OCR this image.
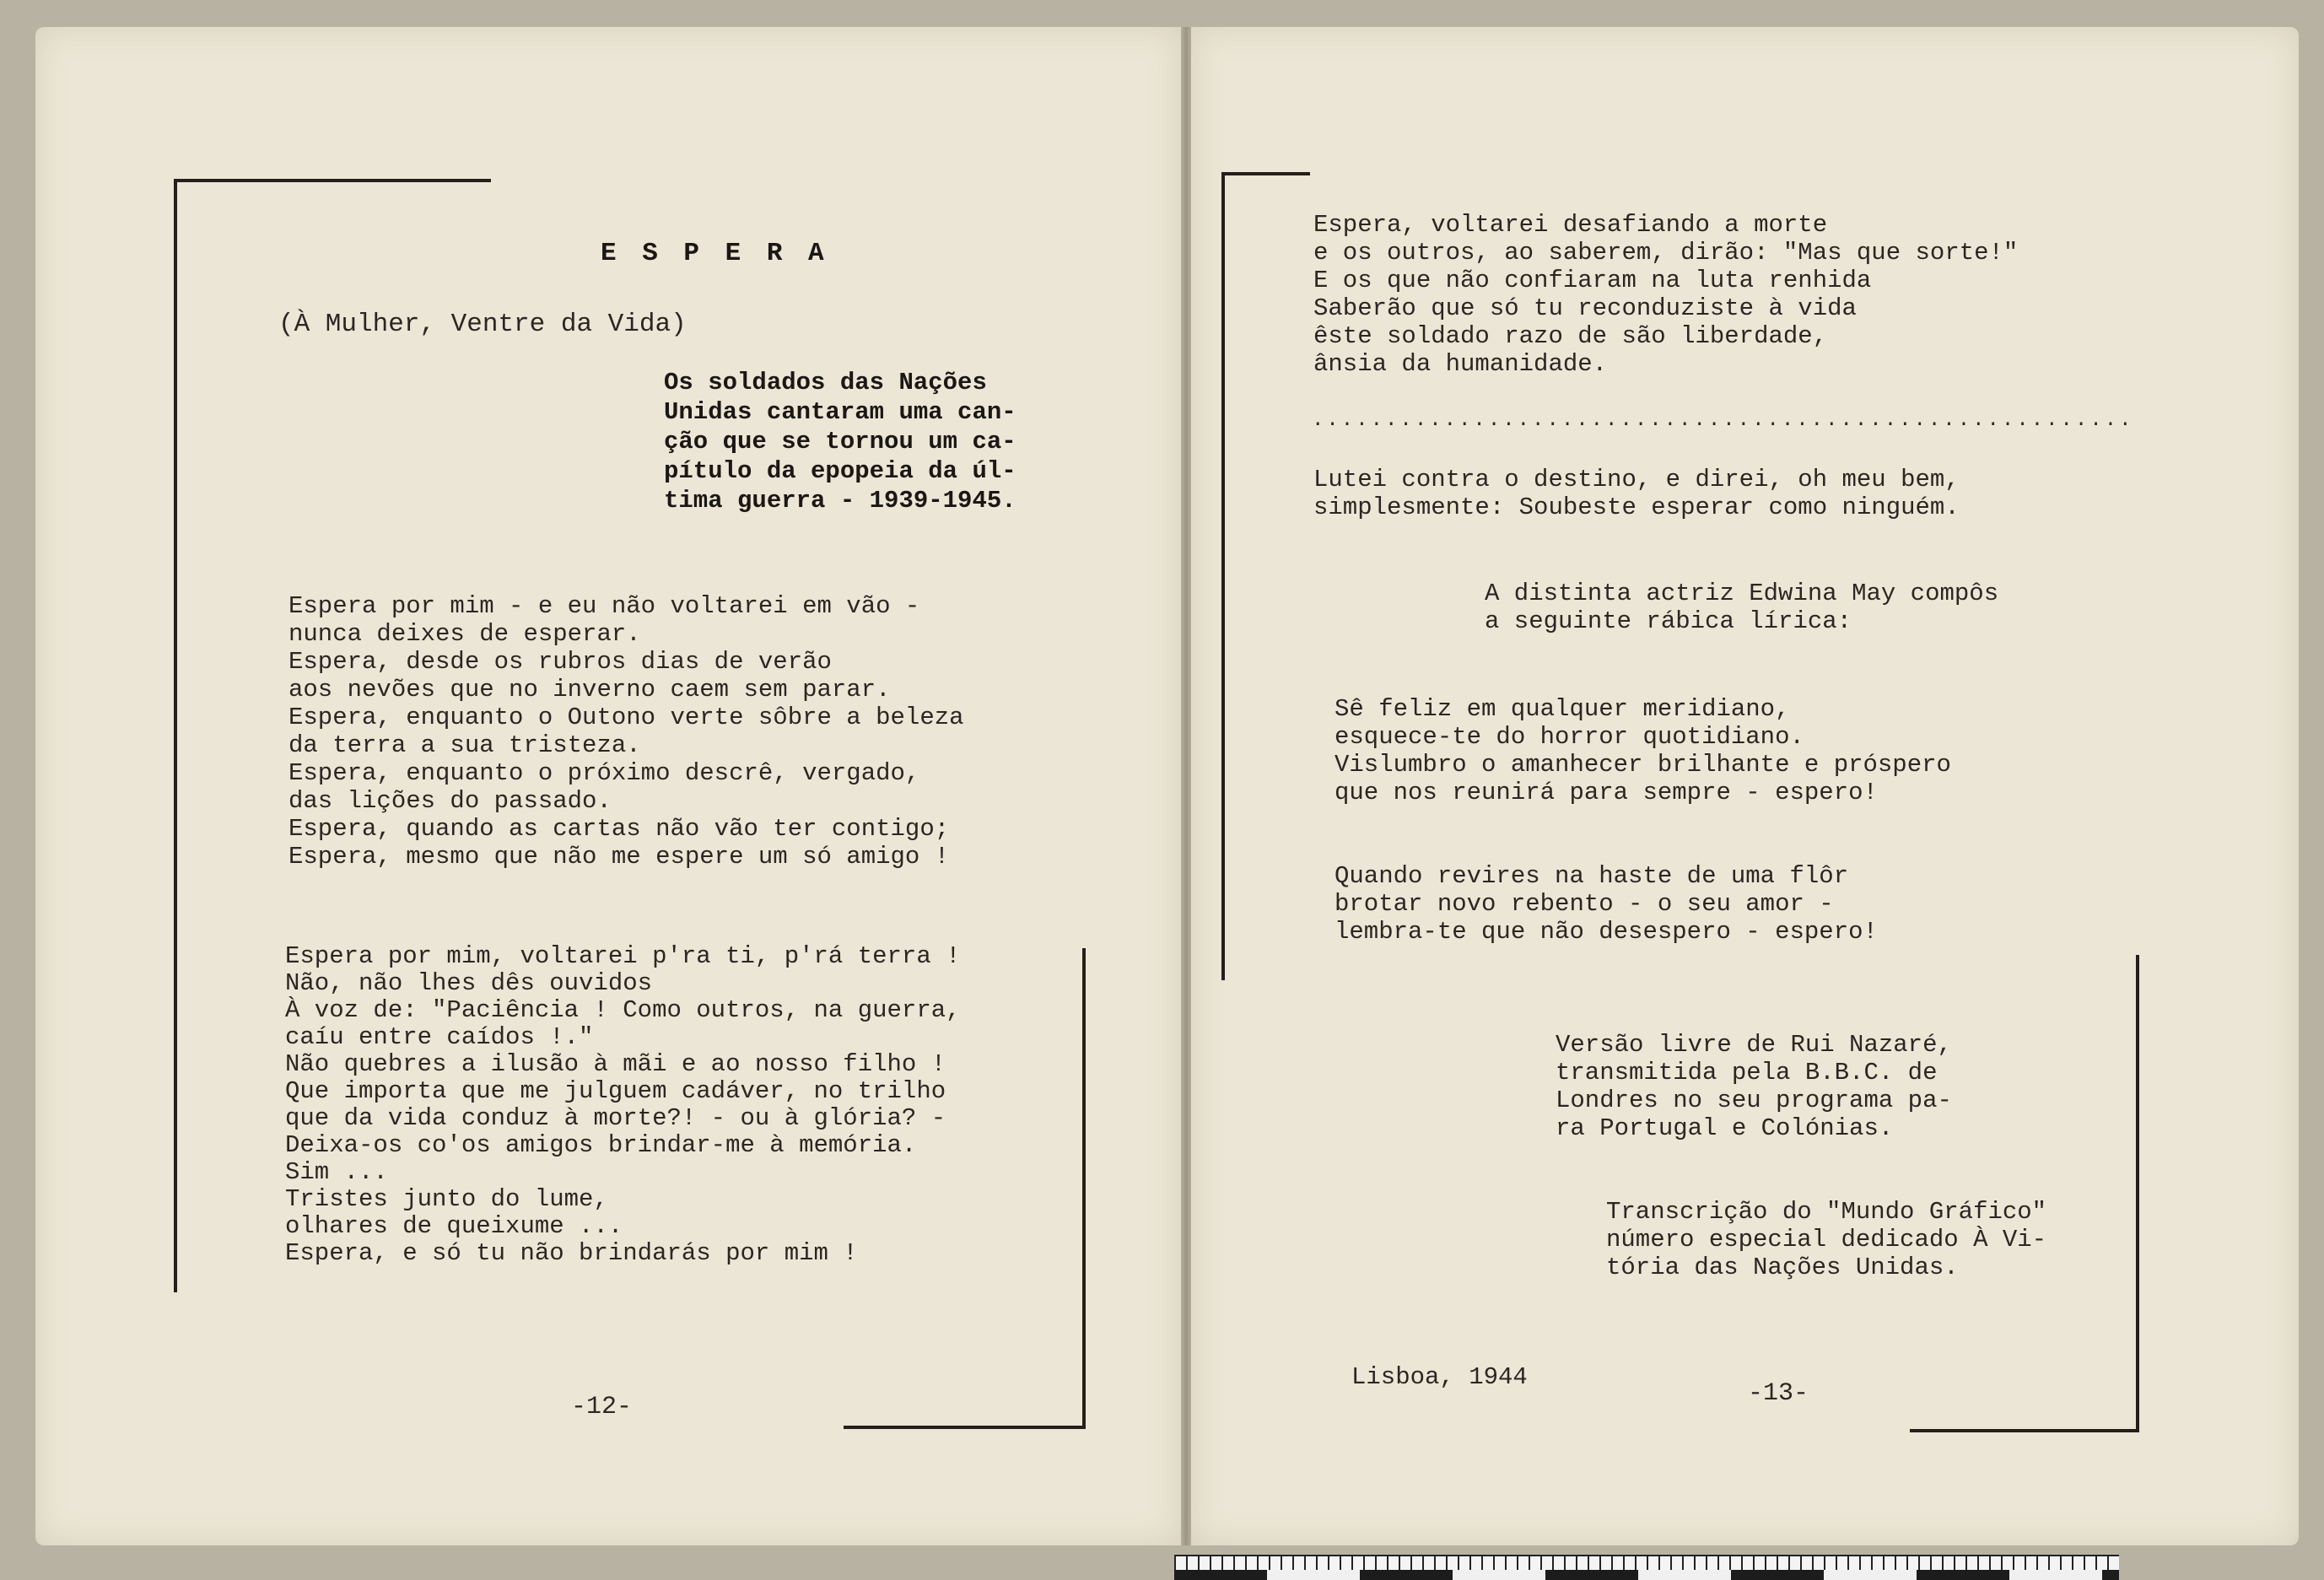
E S P E R A

(À Mulher, Ventre da Vida)

Os soldados das Nações

Unidas cantaram uma can-

ção que se tornou um ca-

pítulo da epopeia da úl-

tima guerra - 1939-1945.

Espera por mim - e eu não voltarei em vão -

nunca deixes de esperar.

Espera, desde os rubros dias de verão

aos nevões que no inverno caem sem parar.

Espera, enquanto o Outono verte sôbre a beleza

da terra a sua tristeza.

Espera, enquanto o próximo descrê, vergado,

das lições do passado.

Espera, quando as cartas não vão ter contigo;

Espera, mesmo que não me espere um só amigo !

Espera por mim, voltarei p'ra ti, p'rá terra !

Não, não lhes dês ouvidos

À voz de: "Paciência ! Como outros, na guerra,

caíu entre caídos !."

Não quebres a ilusão à mãi e ao nosso filho !

Que importa que me julguem cadáver, no trilho

que da vida conduz à morte?! - ou à glória? -

Deixa-os co'os amigos brindar-me à memória.

Sim ...

Tristes junto do lume,

olhares de queixume ...

Espera, e só tu não brindarás por mim !

-12-

Espera, voltarei desafiando a morte

e os outros, ao saberem, dirão: "Mas que sorte!"

E os que não confiaram na luta renhida

Saberão que só tu reconduziste à vida

êste soldado razo de são liberdade,

ânsia da humanidade.

........................................................

Lutei contra o destino, e direi, oh meu bem,

simplesmente: Soubeste esperar como ninguém.

A distinta actriz Edwina May compôs

a seguinte rábica lírica:

Sê feliz em qualquer meridiano,

esquece-te do horror quotidiano.

Vislumbro o amanhecer brilhante e próspero

que nos reunirá para sempre - espero!

Quando revires na haste de uma flôr

brotar novo rebento - o seu amor -

lembra-te que não desespero - espero!

Versão livre de Rui Nazaré,

transmitida pela B.B.C. de

Londres no seu programa pa-

ra Portugal e Colónias.

Transcrição do "Mundo Gráfico"

número especial dedicado À Vi-

tória das Nações Unidas.

Lisboa, 1944

-13-
